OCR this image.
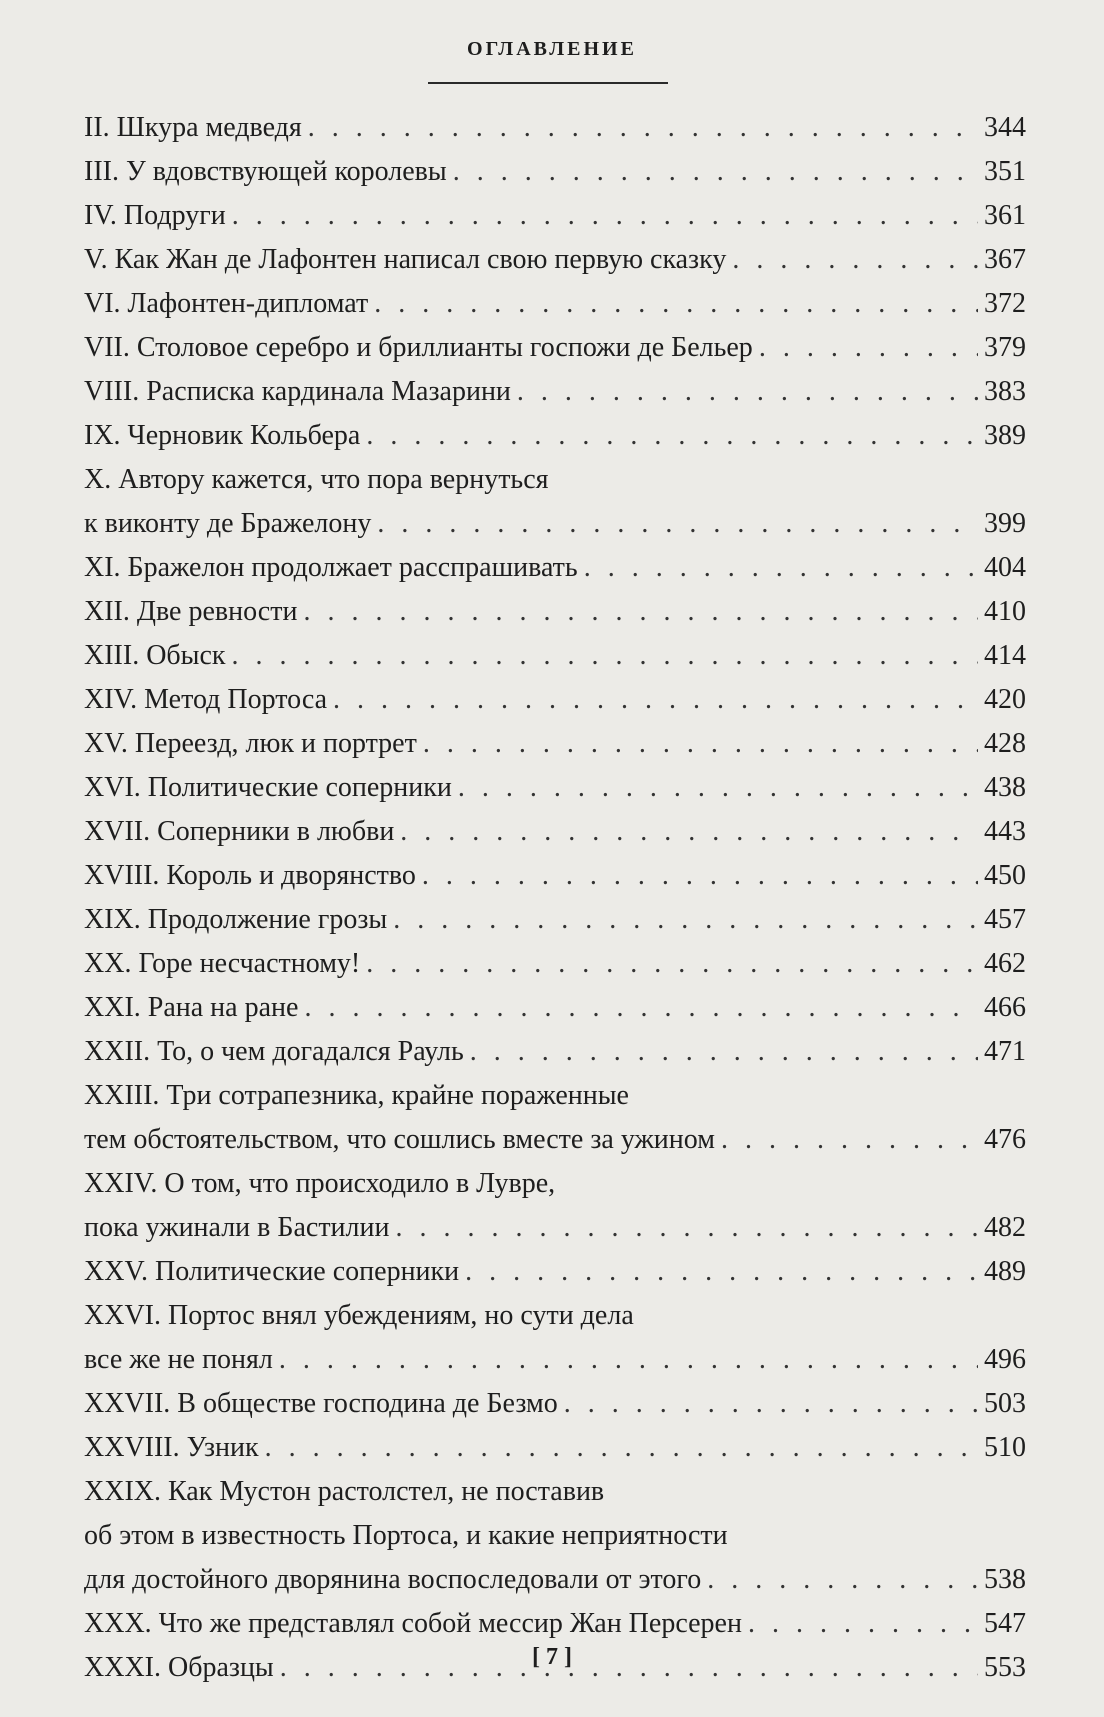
ОГЛАВЛЕНИЕ
II. Шкура медведя . . .	344
III. У вдовствующей королевы . . .	351
IV. Подруги . . .	361
V. Как Жан де Лафонтен написал свою первую сказку . . .	367
VI. Лафонтен-дипломат . . .	372
VII. Столовое серебро и бриллианты госпожи де Бельер . . .	379
VIII. Расписка кардинала Мазарини . . .	383
IX. Черновик Кольбера . . .	389
X. Автору кажется, что пора вернуться
к виконту де Бражелону . . .	399
XI. Бражелон продолжает расспрашивать . . .	404
XII. Две ревности . . .	410
XIII. Обыск . . .	414
XIV. Метод Портоса . . .	420
XV. Переезд, люк и портрет . . .	428
XVI. Политические соперники . . .	438
XVII. Соперники в любви . . .	443
XVIII. Король и дворянство . . .	450
XIX. Продолжение грозы . . .	457
XX. Горе несчастному! . . .	462
XXI. Рана на ране . . .	466
XXII. То, о чем догадался Рауль . . .	471
XXIII. Три сотрапезника, крайне пораженные
тем обстоятельством, что сошлись вместе за ужином . . .	476
XXIV. О том, что происходило в Лувре,
пока ужинали в Бастилии . . .	482
XXV. Политические соперники . . .	489
XXVI. Портос внял убеждениям, но сути дела
все же не понял . . .	496
XXVII. В обществе господина де Безмо . . .	503
XXVIII. Узник . . .	510
XXIX. Как Мустон растолстел, не поставив
об этом в известность Портоса, и какие неприятности
для достойного дворянина воспоследовали от этого . . .	538
XXX. Что же представлял собой мессир Жан Персерен . . .	547
XXXI. Образцы . . .	553
[ 7 ]
